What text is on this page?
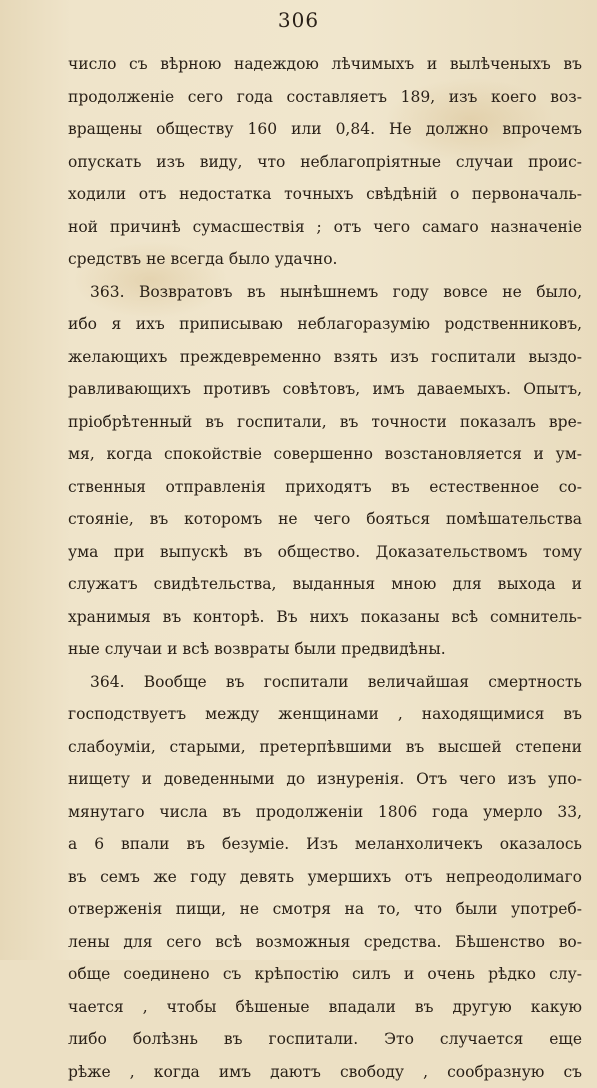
306
число съ вѣрною надеждою лѣчимыхъ и вылѣченыхъ въ
продолженіе сего года составляетъ 189, изъ коего воз-
вращены обществу 160 или 0,84. Не должно впрочемъ
опускать изъ виду, что неблагопріятные случаи проис-
ходили отъ недостатка точныхъ свѣдѣній о первоначаль-
ной причинѣ сумасшествія ; отъ чего самаго назначеніе
средствъ не всегда было удачно.
363. Возвратовъ въ нынѣшнемъ году вовсе не было,
ибо я ихъ приписываю неблагоразумію родственниковъ,
желающихъ преждевременно взять изъ госпитали выздо-
равливающихъ противъ совѣтовъ, имъ даваемыхъ. Опытъ,
пріобрѣтенный въ госпитали, въ точности показалъ вре-
мя, когда спокойствіе совершенно возстановляется и ум-
ственныя отправленія приходятъ въ естественное со-
стояніе, въ которомъ не чего бояться помѣшательства
ума при выпускѣ въ общество. Доказательствомъ тому
служатъ свидѣтельства, выданныя мною для выхода и
хранимыя въ конторѣ. Въ нихъ показаны всѣ сомнитель-
ные случаи и всѣ возвраты были предвидѣны.
364. Вообще въ госпитали величайшая смертность
господствуетъ между женщинами , находящимися въ
слабоуміи, старыми, претерпѣвшими въ высшей степени
нищету и доведенными до изнуренія. Отъ чего изъ упо-
мянутаго числа въ продолженіи 1806 года умерло 33,
а 6 впали въ безуміе. Изъ меланхоличекъ оказалось
въ семъ же году девять умершихъ отъ непреодолимаго
отверженія пищи, не смотря на то, что были употреб-
лены для сего всѣ возможныя средства. Бѣшенство во-
обще соединено съ крѣпостію силъ и очень рѣдко слу-
чается , чтобы бѣшеные впадали въ другую какую
либо болѣзнь въ госпитали. Это случается еще
рѣже , когда имъ даютъ свободу , сообразную съ
